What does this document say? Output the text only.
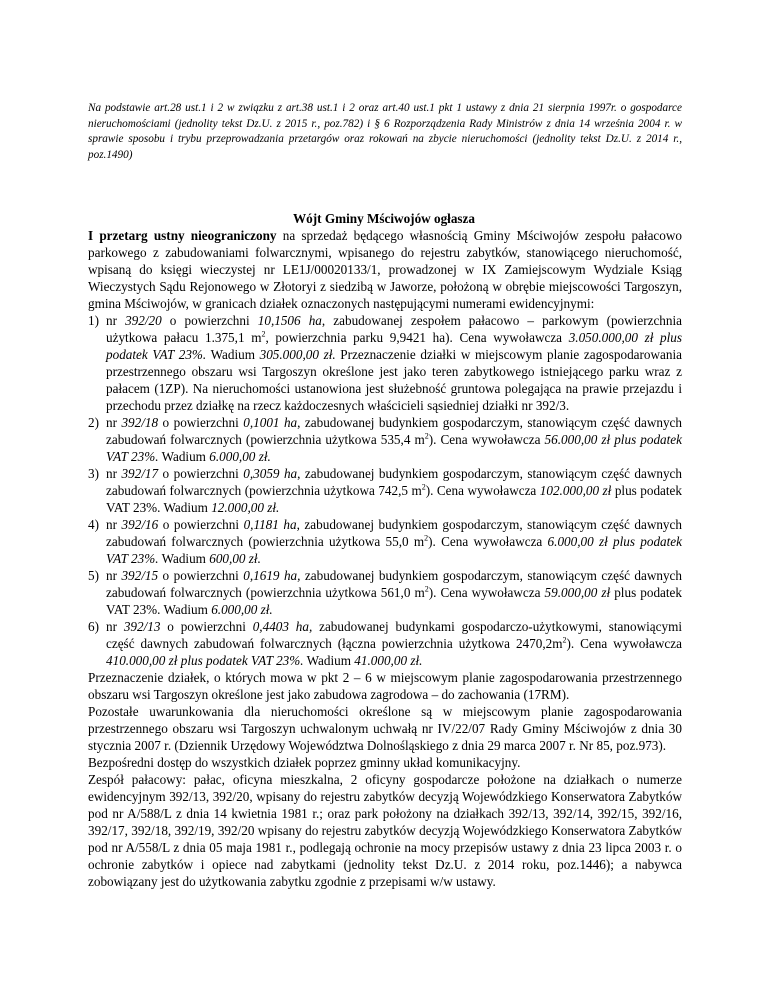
Na podstawie art.28 ust.1 i 2 w związku z art.38 ust.1 i 2 oraz art.40 ust.1 pkt 1 ustawy z dnia 21 sierpnia 1997r. o gospodarce nieruchomościami (jednolity tekst Dz.U. z 2015 r., poz.782) i § 6 Rozporządzenia Rady Ministrów z dnia 14 września 2004 r. w sprawie sposobu i trybu przeprowadzania przetargów oraz rokowań na zbycie nieruchomości (jednolity tekst Dz.U. z 2014 r., poz.1490)
Wójt Gminy Mściwojów ogłasza

I przetarg ustny nieograniczony na sprzedaż będącego własnością Gminy Mściwojów zespołu pałacowo parkowego z zabudowaniami folwarcznymi, wpisanego do rejestru zabytków, stanowiącego nieruchomość, wpisaną do księgi wieczystej nr LE1J/00020133/1, prowadzonej w IX Zamiejscowym Wydziale Ksiąg Wieczystych Sądu Rejonowego w Złotoryi z siedzibą w Jaworze, położoną w obrębie miejscowości Targoszyn, gmina Mściwojów, w granicach działek oznaczonych następującymi numerami ewidencyjnymi:

1) nr 392/20 o powierzchni 10,1506 ha, zabudowanej zespołem pałacowo – parkowym (powierzchnia użytkowa pałacu 1.375,1 $m^2$, powierzchnia parku 9,9421 ha). Cena wywoławcza 3.050.000,00 zł plus podatek VAT 23%. Wadium 305.000,00 zł. Przeznaczenie działki w miejscowym planie zagospodarowania przestrzennego obszaru wsi Targoszyn określone jest jako teren zabytkowego istniejącego parku wraz z pałacem (1ZP). Na nieruchomości ustanowiona jest służebność gruntowa polegająca na prawie przejazdu i przechodu przez działkę na rzecz każdoczesnych właścicieli sąsiedniej działki nr 392/3.
2) nr 392/18 o powierzchni 0,1001 ha, zabudowanej budynkiem gospodarczym, stanowiącym część dawnych zabudowań folwarcznych (powierzchnia użytkowa 535,4 $m^2$). Cena wywoławcza 56.000,00 zł plus podatek VAT 23%. Wadium 6.000,00 zł.
3) nr 392/17 o powierzchni 0,3059 ha, zabudowanej budynkiem gospodarczym, stanowiącym część dawnych zabudowań folwarcznych (powierzchnia użytkowa 742,5 $m^2$). Cena wywoławcza 102.000,00 zł plus podatek VAT 23%. Wadium 12.000,00 zł.
4) nr 392/16 o powierzchni 0,1181 ha, zabudowanej budynkiem gospodarczym, stanowiącym część dawnych zabudowań folwarcznych (powierzchnia użytkowa 55,0 $m^2$). Cena wywoławcza 6.000,00 zł plus podatek VAT 23%. Wadium 600,00 zł.
5) nr 392/15 o powierzchni 0,1619 ha, zabudowanej budynkiem gospodarczym, stanowiącym część dawnych zabudowań folwarcznych (powierzchnia użytkowa 561,0 $m^2$). Cena wywoławcza 59.000,00 zł plus podatek VAT 23%. Wadium 6.000,00 zł.
6) nr 392/13 o powierzchni 0,4403 ha, zabudowanej budynkami gospodarczo-użytkowymi, stanowiącymi część dawnych zabudowań folwarcznych (łączna powierzchnia użytkowa $2470,2m^2$). Cena wywoławcza 410.000,00 zł plus podatek VAT 23%. Wadium 41.000,00 zł.

Przeznaczenie działek, o których mowa w pkt 2 – 6 w miejscowym planie zagospodarowania przestrzennego obszaru wsi Targoszyn określone jest jako zabudowa zagrodowa – do zachowania (17RM).

Pozostałe uwarunkowania dla nieruchomości określone są w miejscowym planie zagospodarowania przestrzennego obszaru wsi Targoszyn uchwalonym uchwałą nr IV/22/07 Rady Gminy Mściwojów z dnia 30 stycznia 2007 r. (Dziennik Urzędowy Województwa Dolnośląskiego z dnia 29 marca 2007 r. Nr 85, poz.973).

Bezpośredni dostęp do wszystkich działek poprzez gminny układ komunikacyjny.

Zespół pałacowy: pałac, oficyna mieszkalna, 2 oficyny gospodarcze położone na działkach o numerze ewidencyjnym 392/13, 392/20, wpisany do rejestru zabytków decyzją Wojewódzkiego Konserwatora Zabytków pod nr A/588/L z dnia 14 kwietnia 1981 r.; oraz park położony na działkach 392/13, 392/14, 392/15, 392/16, 392/17, 392/18, 392/19, 392/20 wpisany do rejestru zabytków decyzją Wojewódzkiego Konserwatora Zabytków pod nr A/558/L z dnia 05 maja 1981 r., podlegają ochronie na mocy przepisów ustawy z dnia 23 lipca 2003 r. o ochronie zabytków i opiece nad zabytkami (jednolity tekst Dz.U. z 2014 roku, poz.1446); a nabywca zobowiązany jest do użytkowania zabytku zgodnie z przepisami w/w ustawy.
